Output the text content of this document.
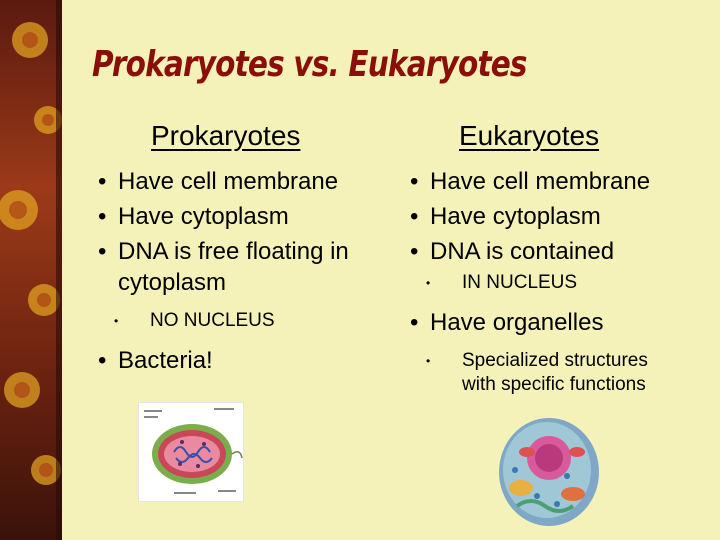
Prokaryotes vs. Eukaryotes
Prokaryotes	Eukaryotes
• Have cell membrane
• Have cytoplasm
• DNA is free floating in cytoplasm
• NO NUCLEUS
• Bacteria!
• Have cell membrane
• Have cytoplasm
• DNA is contained
• IN NUCLEUS
• Have organelles
• Specialized structures with specific functions
